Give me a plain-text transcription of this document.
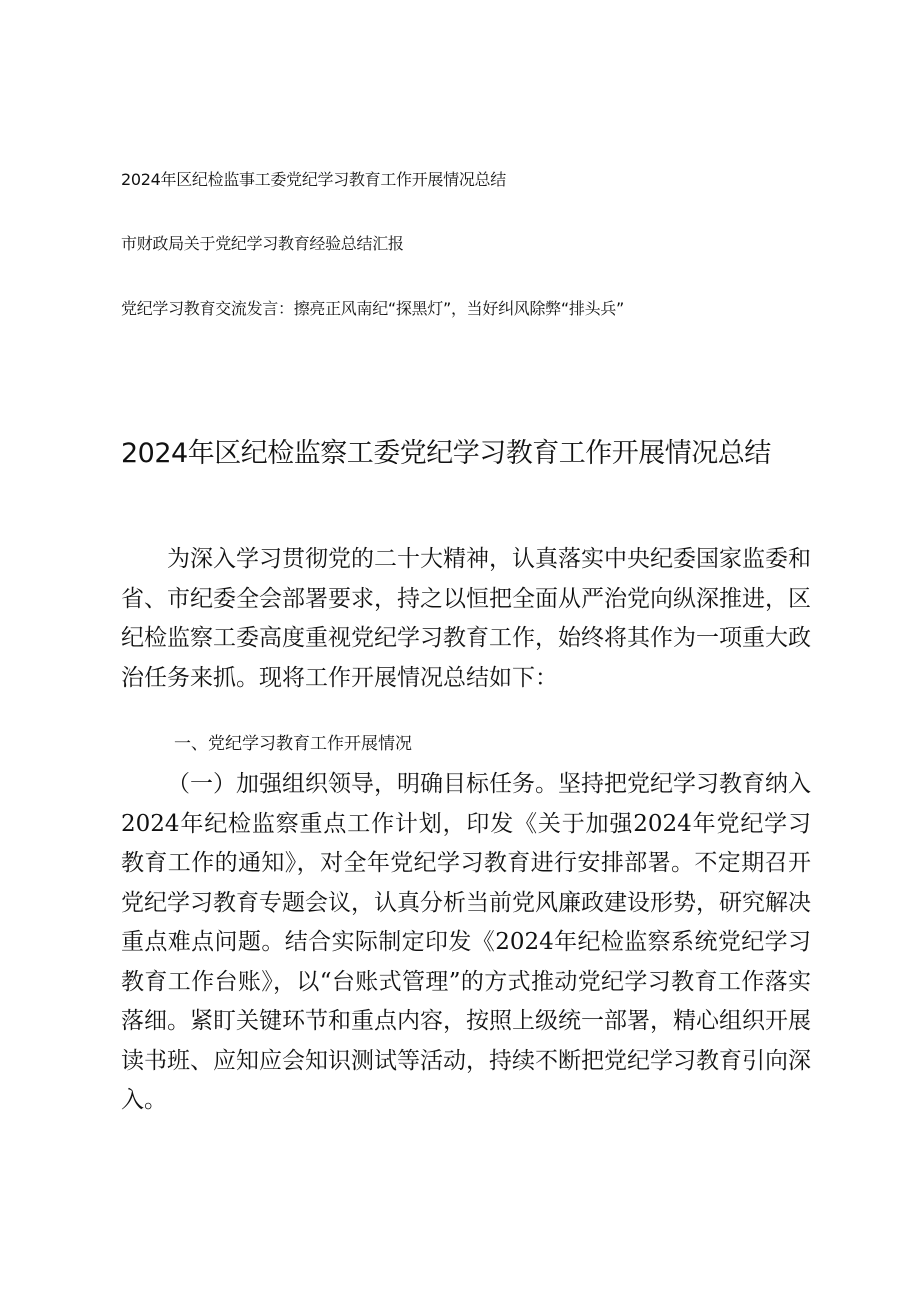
2024年区纪检监事工委党纪学习教育工作开展情况总结
市财政局关于党纪学习教育经验总结汇报
党纪学习教育交流发言：擦亮正风南纪“探黑灯”，当好纠风除弊“排头兵”
2024年区纪检监察工委党纪学习教育工作开展情况总结

为深入学习贯彻党的二十大精神，认真落实中央纪委国家监委和省、市纪委全会部署要求，持之以恒把全面从严治党向纵深推进，区纪检监察工委高度重视党纪学习教育工作，始终将其作为一项重大政治任务来抓。现将工作开展情况总结如下：

一、党纪学习教育工作开展情况

（一）加强组织领导，明确目标任务。坚持把党纪学习教育纳入2024年纪检监察重点工作计划，印发《关于加强2024年党纪学习教育工作的通知》，对全年党纪学习教育进行安排部署。不定期召开党纪学习教育专题会议，认真分析当前党风廉政建设形势，研究解决重点难点问题。结合实际制定印发《2024年纪检监察系统党纪学习教育工作台账》，以“台账式管理”的方式推动党纪学习教育工作落实落细。紧盯关键环节和重点内容，按照上级统一部署，精心组织开展读书班、应知应会知识测试等活动，持续不断把党纪学习教育引向深入。
